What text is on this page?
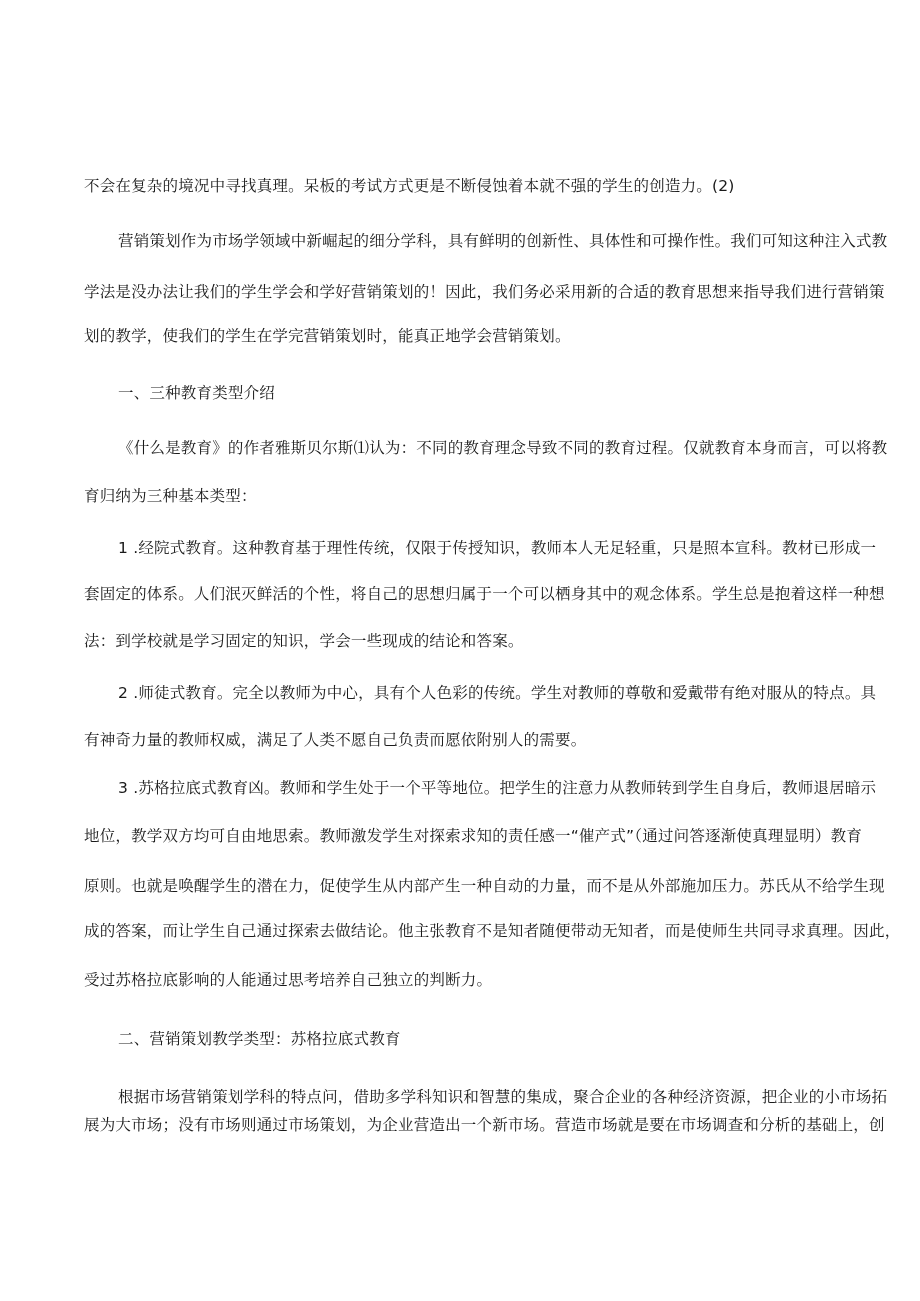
不会在复杂的境况中寻找真理。呆板的考试方式更是不断侵蚀着本就不强的学生的创造力。(2)
营销策划作为市场学领域中新崛起的细分学科，具有鲜明的创新性、具体性和可操作性。我们可知这种注入式教
学法是没办法让我们的学生学会和学好营销策划的！因此，我们务必采用新的合适的教育思想来指导我们进行营销策
划的教学，使我们的学生在学完营销策划时，能真正地学会营销策划。
一、三种教育类型介绍
《什么是教育》的作者雅斯贝尔斯⑴认为：不同的教育理念导致不同的教育过程。仅就教育本身而言，可以将教
育归纳为三种基本类型：
1 .经院式教育。这种教育基于理性传统，仅限于传授知识，教师本人无足轻重，只是照本宣科。教材已形成一
套固定的体系。人们泯灭鲜活的个性，将自己的思想归属于一个可以栖身其中的观念体系。学生总是抱着这样一种想
法：到学校就是学习固定的知识，学会一些现成的结论和答案。
2 .师徒式教育。完全以教师为中心，具有个人色彩的传统。学生对教师的尊敬和爱戴带有绝对服从的特点。具
有神奇力量的教师权威，满足了人类不愿自己负责而愿依附别人的需要。
3 .苏格拉底式教育凶。教师和学生处于一个平等地位。把学生的注意力从教师转到学生自身后，教师退居暗示
地位，教学双方均可自由地思索。教师激发学生对探索求知的责任感一“催产式”（通过问答逐渐使真理显明）教育
原则。也就是唤醒学生的潜在力，促使学生从内部产生一种自动的力量，而不是从外部施加压力。苏氏从不给学生现
成的答案，而让学生自己通过探索去做结论。他主张教育不是知者随便带动无知者，而是使师生共同寻求真理。因此，
受过苏格拉底影响的人能通过思考培养自己独立的判断力。
二、营销策划教学类型：苏格拉底式教育
根据市场营销策划学科的特点问，借助多学科知识和智慧的集成，聚合企业的各种经济资源，把企业的小市场拓
展为大市场；没有市场则通过市场策划，为企业营造出一个新市场。营造市场就是要在市场调查和分析的基础上，创
